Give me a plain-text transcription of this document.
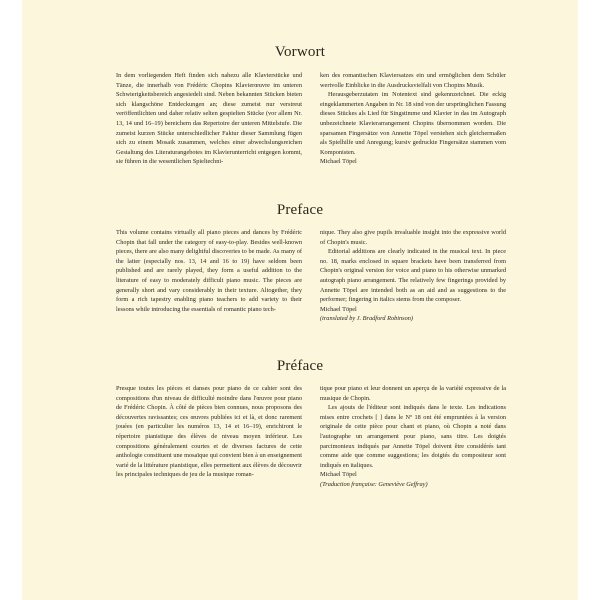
Vorwort

In dem vorliegenden Heft finden sich nahezu alle Klavierstücke und Tänze, die innerhalb von Frédéric Chopins Klavierœuvre im unteren Schwierigkeitsbereich angesiedelt sind. Neben bekannten Stücken bieten sich klangschöne Entdeckungen an; diese zumeist nur verstreut veröffentlichten und daher relativ selten gespielten Stücke (vor allem Nr. 13, 14 und 16–19) bereichern das Repertoire der unteren Mittelstufe. Die zumeist kurzen Stücke unterschiedlicher Faktur dieser Sammlung fügen sich zu einem Mosaik zusammen, welches einer abwechslungsreichen Gestaltung des Literaturangebotes im Klavierunterricht entgegen kommt, sie führen in die wesentlichen Spieltechni-

ken des romantischen Klaviersatzes ein und ermöglichen dem Schüler wertvolle Einblicke in die Ausdrucksvielfalt von Chopins Musik.

Herausgeberzutaten im Notentext sind gekennzeichnet. Die eckig eingeklammerten Angaben in Nr. 18 sind von der ursprünglichen Fassung dieses Stückes als Lied für Singstimme und Klavier in das im Autograph unbezeichnete Klavierarrangement Chopins übernommen worden. Die sparsamen Fingersätze von Annette Töpel verstehen sich gleichermaßen als Spielhilfe und Anregung; kursiv gedruckte Fingersätze stammen vom Komponisten.

Michael Töpel

Preface

This volume contains virtually all piano pieces and dances by Frédéric Chopin that fall under the category of easy-to-play. Besides well-known pieces, there are also many delightful discoveries to be made. As many of the latter (especially nos. 13, 14 and 16 to 19) have seldom been published and are rarely played, they form a useful addition to the literature of easy to moderately difficult piano music. The pieces are generally short and vary considerably in their texture. Altogether, they form a rich tapestry enabling piano teachers to add variety to their lessons while introducing the essentials of romantic piano tech-

nique. They also give pupils invaluable insight into the expressive world of Chopin's music.

Editorial additions are clearly indicated in the musical text. In piece no. 18, marks enclosed in square brackets have been transferred from Chopin's original version for voice and piano to his otherwise unmarked autograph piano arrangement. The relatively few fingerings provided by Annette Töpel are intended both as an aid and as suggestions to the performer; fingering in italics stems from the composer.

Michael Töpel

(translated by J. Bradford Robinson)

Préface

Presque toutes les pièces et danses pour piano de ce cahier sont des compositions d'un niveau de difficulté moindre dans l'œuvre pour piano de Frédéric Chopin. À côté de pièces bien connues, nous proposons des découvertes ravissantes; ces œuvres publiées ici et là, et donc rarement jouées (en particulier les numéros 13, 14 et 16–19), enrichiront le répertoire pianistique des élèves de niveau moyen inférieur. Les compositions généralement courtes et de diverses factures de cette anthologie constituent une mosaïque qui convient bien à un enseignement varié de la littérature pianistique, elles permettent aux élèves de découvrir les principales techniques de jeu de la musique roman-

tique pour piano et leur donnent un aperçu de la variété expressive de la musique de Chopin.

Les ajouts de l'éditeur sont indiqués dans le texte. Les indications mises entre crochets [ ] dans le Nº 18 ont été empruntées à la version originale de cette pièce pour chant et piano, où Chopin a noté dans l'autographe un arrangement pour piano, sans titre. Les doigtés parcimonieux indiqués par Annette Töpel doivent être considérés tant comme aide que comme suggestions; les doigtés du compositeur sont indiqués en italiques.

Michael Töpel

(Traduction française: Geneviève Geffray)
